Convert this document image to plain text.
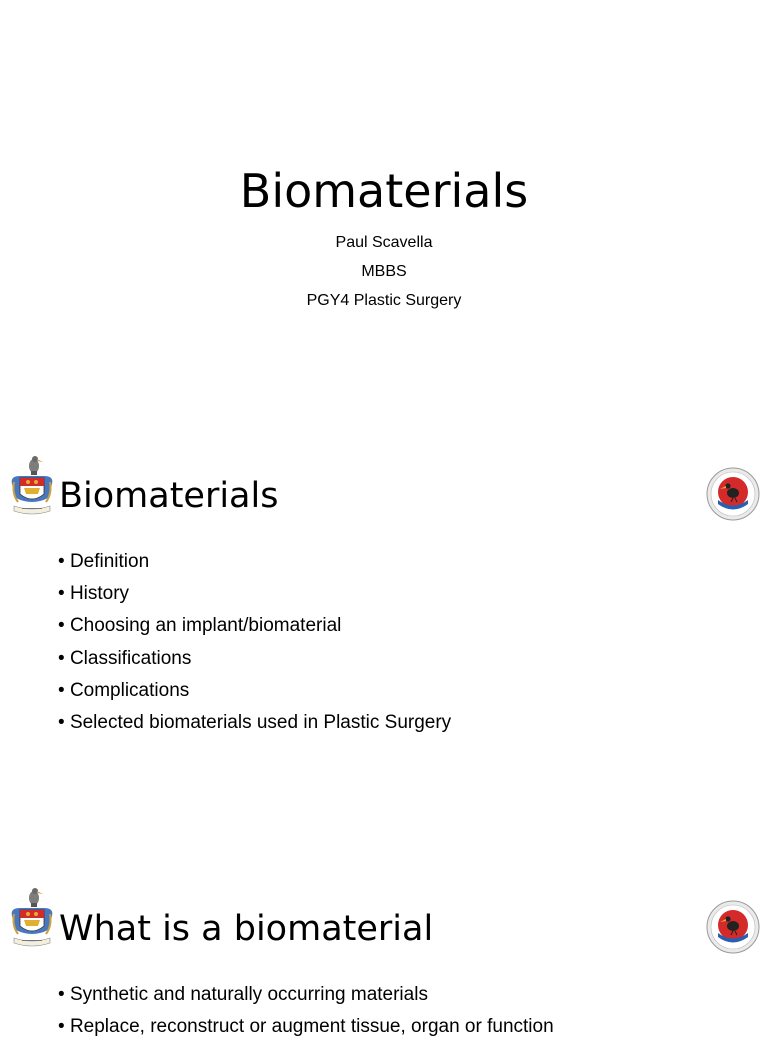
Biomaterials
Paul Scavella
MBBS
PGY4 Plastic Surgery
Biomaterials
• Definition
• History
• Choosing an implant/biomaterial
• Classifications
• Complications
• Selected biomaterials used in Plastic Surgery
What is a biomaterial
• Synthetic and naturally occurring materials
• Replace, reconstruct or augment tissue, organ or function
